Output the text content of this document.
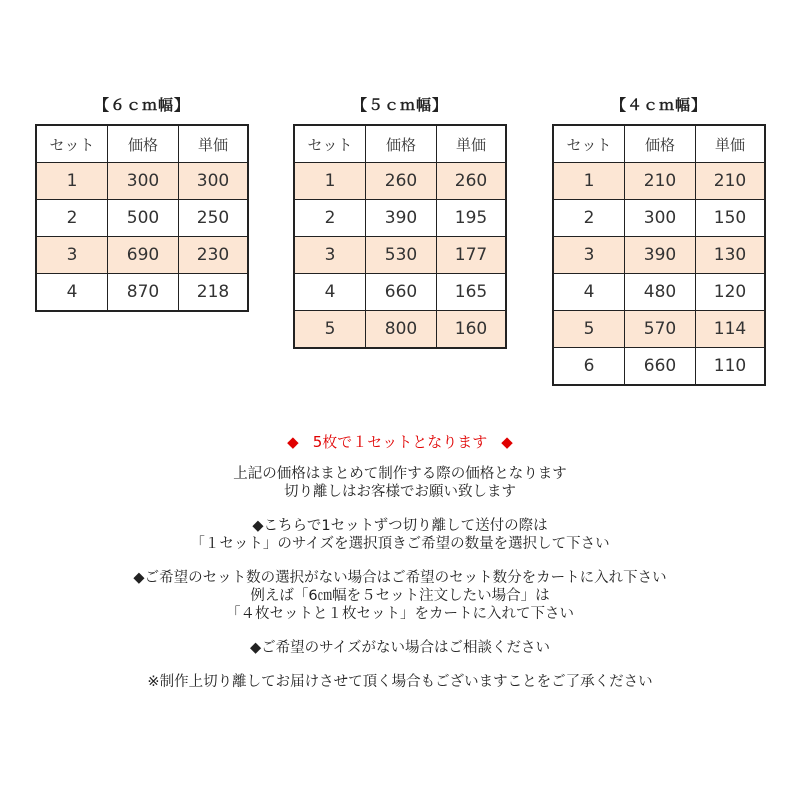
【６ｃｍ幅】
セット	価格	単価
1	300	300
2	500	250
3	690	230
4	870	218
【５ｃｍ幅】
セット	価格	単価
1	260	260
2	390	195
3	530	177
4	660	165
5	800	160
【４ｃｍ幅】
セット	価格	単価
1	210	210
2	300	150
3	390	130
4	480	120
5	570	114
6	660	110
◆ 5枚で１セットとなります ◆

上記の価格はまとめて制作する際の価格となります

切り離しはお客様でお願い致します

◆こちらで1セットずつ切り離して送付の際は

「１セット」のサイズを選択頂きご希望の数量を選択して下さい

◆ご希望のセット数の選択がない場合はご希望のセット数分をカートに入れ下さい

例えば「6㎝幅を５セット注文したい場合」は

「４枚セットと１枚セット」をカートに入れて下さい

◆ご希望のサイズがない場合はご相談ください

※制作上切り離してお届けさせて頂く場合もございますことをご了承ください
